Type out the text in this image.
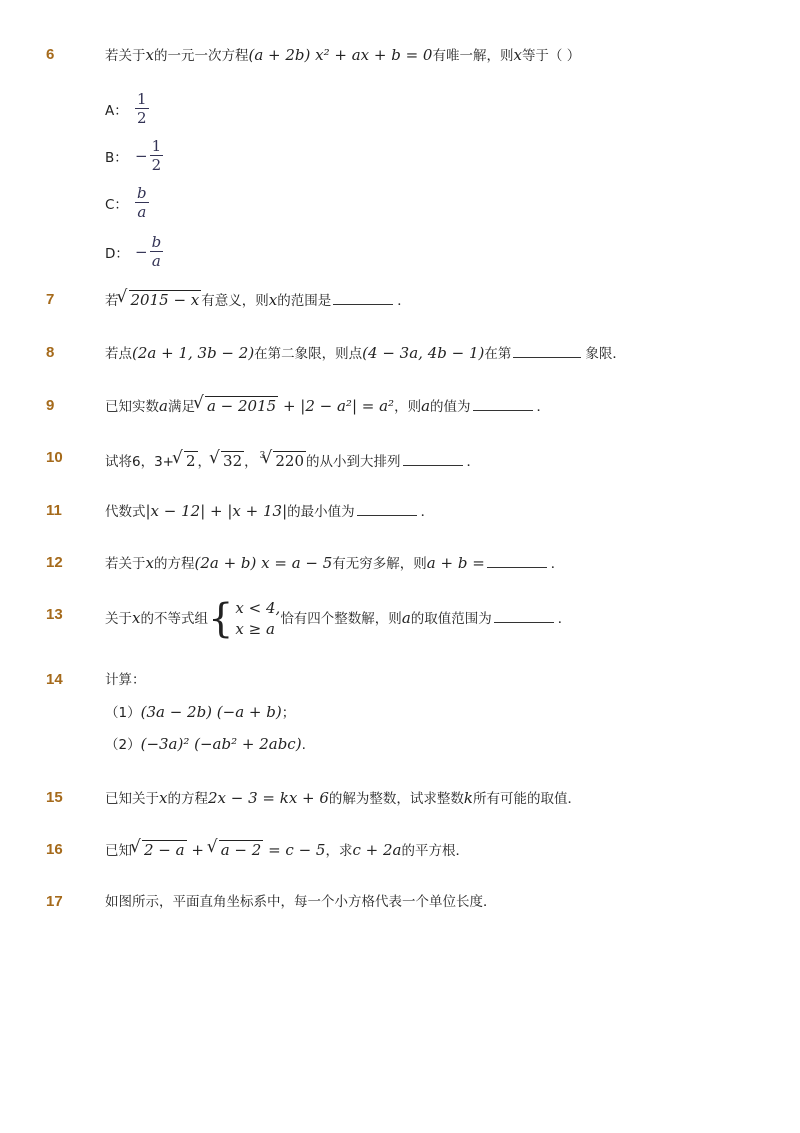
6	若关于x的一元一次方程(a + 2b) x² + ax + b = 0有唯一解，则x等于（ ）
A： $\frac{1}{2}$
B： − $\frac{1}{2}$
C： $\frac{b}{a}$
D： − $\frac{b}{a}$
7	若 √ 2015 − x 有意义，则x的范围是	．
8	若点(2a + 1, 3b − 2)在第二象限，则点(4 − 3a, 4b − 1)在第	象限．
9	已知实数a满足 √ a − 2015 + |2 − a²| = a²，则a的值为	．
10	试将6，3+ √ 2 ， √ 32 ， $^3$ √ 220 的从小到大排列	．
11	代数式|x − 12| + |x + 13|的最小值为	．
12	若关于x的方程(2a + b) x = a − 5有无穷多解，则a + b =	．
13	关于x的不等式组 { x < 4,
x ≥ a
恰有四个整数解，则a的取值范围为	．
14	计算：
（1）(3a − 2b) (−a + b)；
（2）(−3a)² (−ab² + 2abc).
15	已知关于x的方程2x − 3 = kx + 6的解为整数，试求整数k所有可能的取值．
16	已知 √ 2 − a + √ a − 2 = c − 5，求c + 2a的平方根．
17	如图所示，平面直角坐标系中，每一个小方格代表一个单位长度．
